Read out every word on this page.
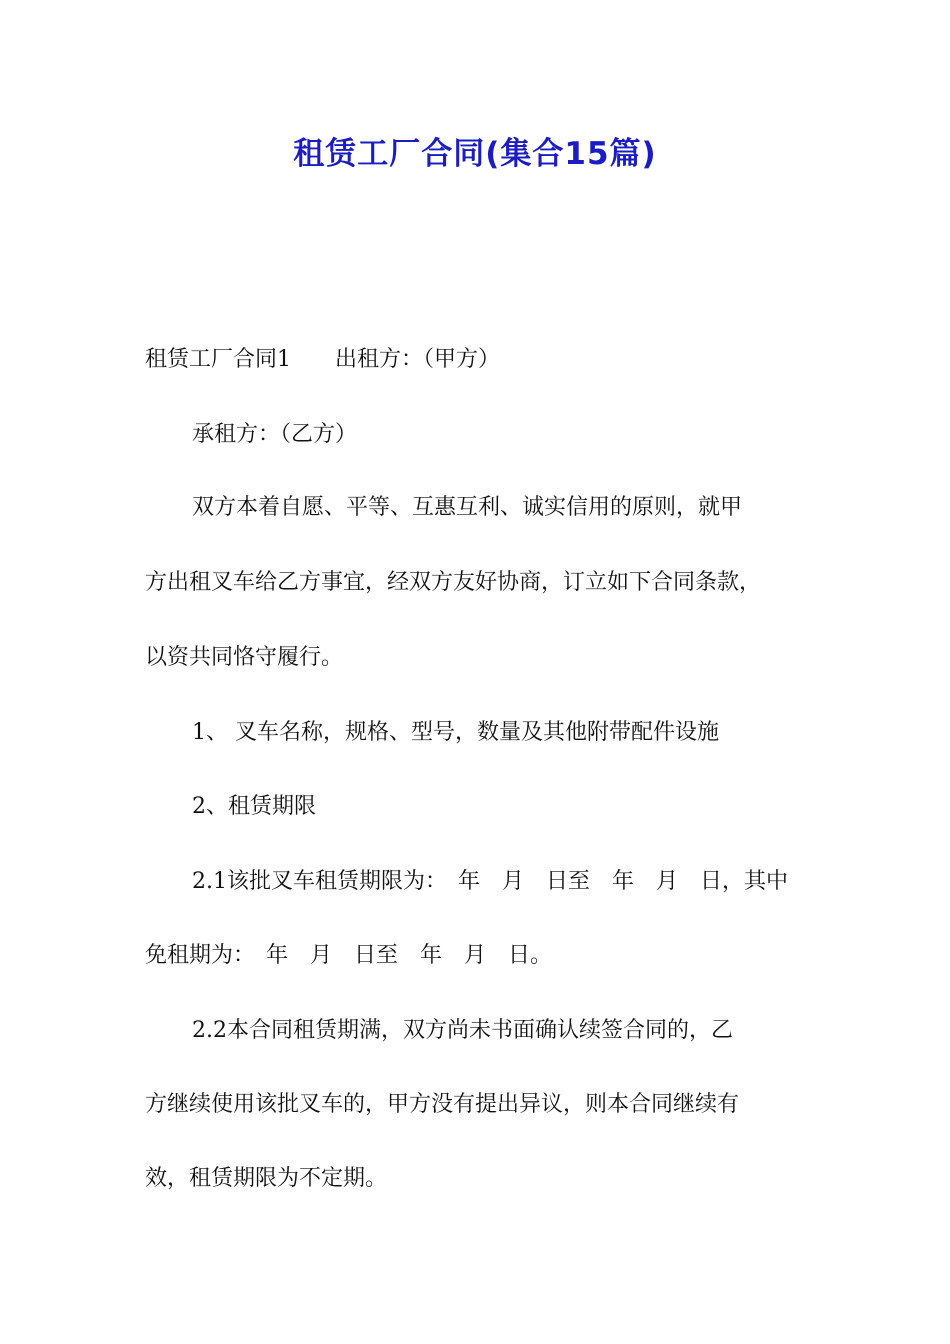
租赁工厂合同(集合15篇)
租赁工厂合同1　　出租方：（甲方）
承租方：（乙方）
双方本着自愿、平等、互惠互利、诚实信用的原则，就甲
方出租叉车给乙方事宜，经双方友好协商，订立如下合同条款，
以资共同恪守履行。
1、 叉车名称，规格、型号，数量及其他附带配件设施
2、租赁期限
2.1该批叉车租赁期限为：　年　月　日至　年　月　日，其中
免租期为：　年　月　日至　年　月　日。
2.2本合同租赁期满，双方尚未书面确认续签合同的，乙
方继续使用该批叉车的，甲方没有提出异议，则本合同继续有
效，租赁期限为不定期。
